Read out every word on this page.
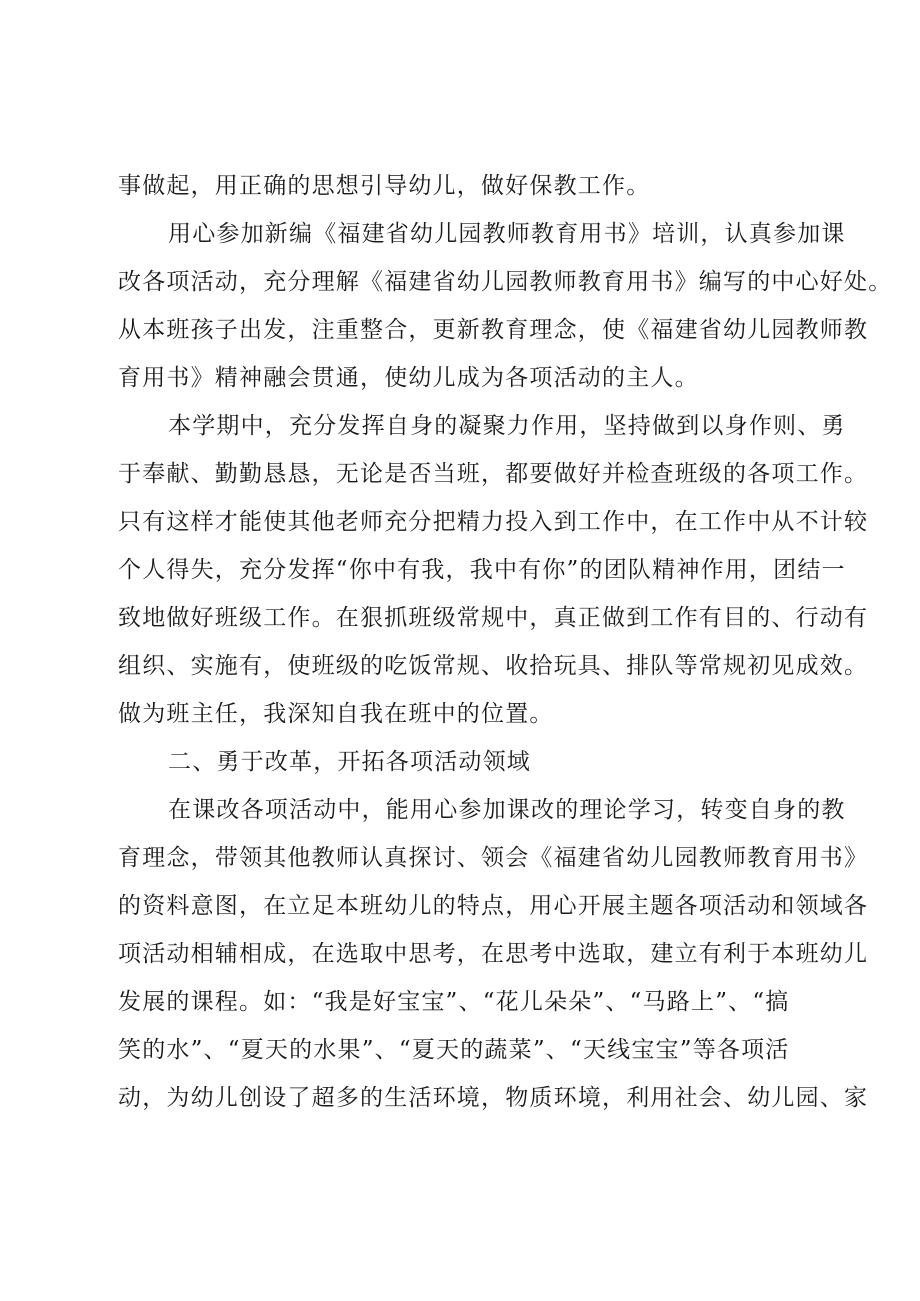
事做起，用正确的思想引导幼儿，做好保教工作。
用心参加新编《福建省幼儿园教师教育用书》培训，认真参加课
改各项活动，充分理解《福建省幼儿园教师教育用书》编写的中心好处。
从本班孩子出发，注重整合，更新教育理念，使《福建省幼儿园教师教
育用书》精神融会贯通，使幼儿成为各项活动的主人。
本学期中，充分发挥自身的凝聚力作用，坚持做到以身作则、勇
于奉献、勤勤恳恳，无论是否当班，都要做好并检查班级的各项工作。
只有这样才能使其他老师充分把精力投入到工作中，在工作中从不计较
个人得失，充分发挥“你中有我，我中有你”的团队精神作用，团结一
致地做好班级工作。在狠抓班级常规中，真正做到工作有目的、行动有
组织、实施有，使班级的吃饭常规、收拾玩具、排队等常规初见成效。
做为班主任，我深知自我在班中的位置。
二、勇于改革，开拓各项活动领域
在课改各项活动中，能用心参加课改的理论学习，转变自身的教
育理念，带领其他教师认真探讨、领会《福建省幼儿园教师教育用书》
的资料意图，在立足本班幼儿的特点，用心开展主题各项活动和领域各
项活动相辅相成，在选取中思考，在思考中选取，建立有利于本班幼儿
发展的课程。如：“我是好宝宝”、“花儿朵朵”、“马路上”、“搞
笑的水”、“夏天的水果”、“夏天的蔬菜”、“天线宝宝”等各项活
动，为幼儿创设了超多的生活环境，物质环境，利用社会、幼儿园、家
